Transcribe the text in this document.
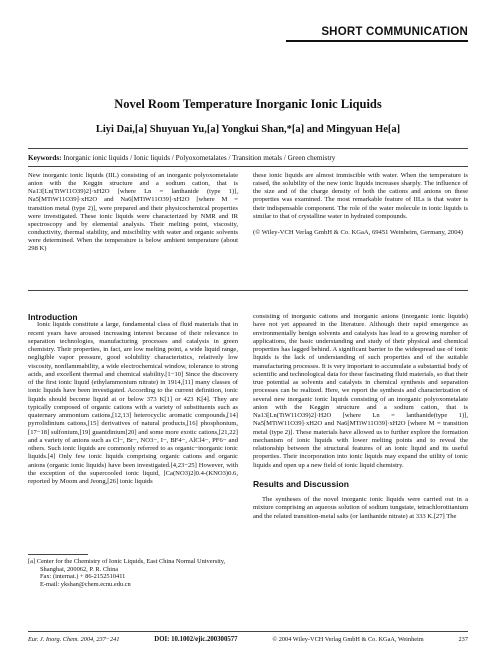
SHORT COMMUNICATION
Novel Room Temperature Inorganic Ionic Liquids
Liyi Dai,[a] Shuyuan Yu,[a] Yongkui Shan,*[a] and Mingyuan He[a]
Keywords: Inorganic ionic liquids / Ionic liquids / Polyoxometalates / Transition metals / Green chemistry
New inorganic ionic liquids (IIL) consisting of an inorganic polyoxometalate anion with the Keggin structure and a sodium cation, that is Na13[Ln(TiW11O39)2]·xH2O [where Ln = lanthanide (type 1)], Na5[MTiW11O39]·xH2O and Na6[MTiW11O39]·xH2O [where M = transition metal (type 2)], were prepared and their physicochemical properties were investigated. These ionic liquids were characterized by NMR and IR spectroscopy and by elemental analysis. Their melting point, viscosity, conductivity, thermal stability, and miscibility with water and organic solvents were determined. When the temperature is below ambient temperature (about 298 K)
these ionic liquids are almost immiscible with water. When the temperature is raised, the solubility of the new ionic liquids increases sharply. The influence of the size and of the charge density of both the cations and anions on these properties was examined. The most remarkable feature of IILs is that water is their indispensable component. The role of the water molecule in ionic liquids is similar to that of crystalline water in hydrated compounds.
(© Wiley-VCH Verlag GmbH & Co. KGaA, 69451 Weinheim, Germany, 2004)

Introduction

Ionic liquids constitute a large, fundamental class of fluid materials that in recent years have aroused increasing interest because of their relevance to separation technologies, manufacturing processes and catalysis in green chemistry. Their properties, in fact, are low melting point, a wide liquid range, negligible vapor pressure, good solubility characteristics, relatively low viscosity, nonflammability, a wide electrochemical window, tolerance to strong acids, and excellent thermal and chemical stability.[1−10] Since the discovery of the first ionic liquid (ethylammonium nitrate) in 1914,[11] many classes of ionic liquids have been investigated. According to the current definition, ionic liquids should become liquid at or below 373 K[1] or 423 K[4]. They are typically composed of organic cations with a variety of substituents such as quaternary ammonium cations,[12,13] heterocyclic aromatic compounds,[14] pyrrolidinium cations,[15] derivatives of natural products,[16] phosphonium,[17−18] sulfonium,[19] guanidinium[20] and some more exotic cations,[21,22] and a variety of anions such as Cl−, Br−, NO3−, I−, BF4−, AlCl4−, PF6− and others. Such ionic liquids are commonly referred to as organic−inorganic ionic liquids.[4] Only few ionic liquids comprising organic cations and organic anions (organic ionic liquids) have been investigated.[4,23−25] However, with the exception of the supercooled ionic liquid, [Ca(NO3)2]0.4-(KNO3)0.6, reported by Moom and Jeong,[26] ionic liquids

consisting of inorganic cations and inorganic anions (inorganic ionic liquids) have not yet appeared in the literature. Although their rapid emergence as environmentally benign solvents and catalysts has lead to a growing number of applications, the basic understanding and study of their physical and chemical properties has lagged behind. A significant barrier to the widespread use of ionic liquids is the lack of understanding of such properties and of the suitable manufacturing processes. It is very important to accumulate a substantial body of scientific and technological data for these fascinating fluid materials, so that their true potential as solvents and catalysts in chemical synthesis and separation processes can be realized. Here, we report the synthesis and characterization of several new inorganic ionic liquids consisting of an inorganic polyoxometalate anion with the Keggin structure and a sodium cation, that is Na13[Ln(TiW11O39)2]·H2O [where Ln = lanthanide(type 1)], Na5[MTiW11O39]·xH2O and Na6[MTiW11O39]·xH2O [where M = transition metal (type 2)]. These materials have allowed us to further explore the formation mechanism of ionic liquids with lower melting points and to reveal the relationship between the structural features of an ionic liquid and its useful properties. Their incorporation into ionic liquids may expand the utility of ionic liquids and open up a new field of ionic liquid chemistry.

Results and Discussion

The syntheses of the novel inorganic ionic liquids were carried out in a mixture comprising an aqueous solution of sodium tungstate, tetrachlorotitanium and the related transition-metal salts (or lanthanide nitrate) at 333 K.[27] The

[a] Center for the Chemistry of Ionic Liquids, East China Normal University,
Shanghai, 200062, P. R. China
Fax: (internat.) + 86-2152510411
E-mail: ykshan@chem.ecnu.edu.cn
Eur. J. Inorg. Chem. 2004, 237−241	DOI: 10.1002/ejic.200300577	© 2004 Wiley-VCH Verlag GmbH & Co. KGaA, Weinheim	237
